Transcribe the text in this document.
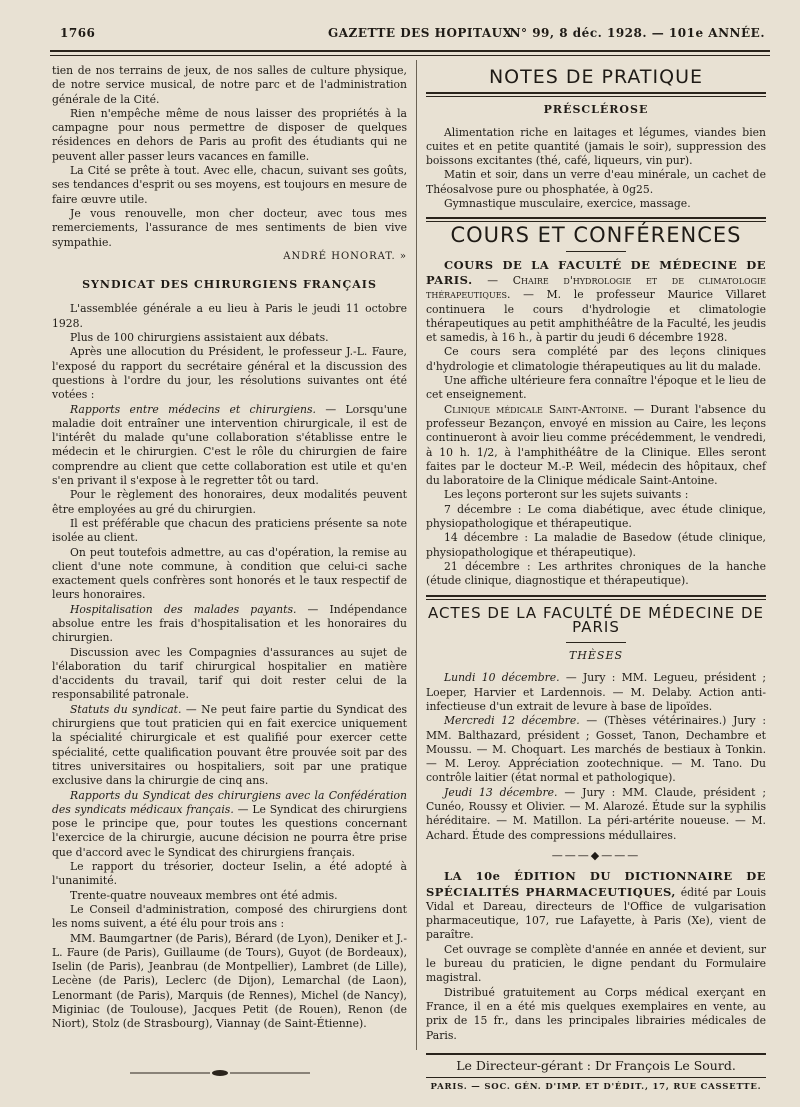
1766	GAZETTE DES HOPITAUX
N° 99, 8 déc. 1928. — 101e ANNÉE.

tien de nos terrains de jeux, de nos salles de culture physique, de notre service musical, de notre parc et de l'administration générale de la Cité.

Rien n'empêche même de nous laisser des propriétés à la campagne pour nous permettre de disposer de quelques résidences en dehors de Paris au profit des étudiants qui ne peuvent aller passer leurs vacances en famille.

La Cité se prête à tout. Avec elle, chacun, suivant ses goûts, ses tendances d'esprit ou ses moyens, est toujours en mesure de faire œuvre utile.

Je vous renouvelle, mon cher docteur, avec tous mes remerciements, l'assurance de mes sentiments de bien vive sympathie.

ANDRÉ HONORAT. »

SYNDICAT DES CHIRURGIENS FRANÇAIS

L'assemblée générale a eu lieu à Paris le jeudi 11 octobre 1928.

Plus de 100 chirurgiens assistaient aux débats.

Après une allocution du Président, le professeur J.-L. Faure, l'exposé du rapport du secrétaire général et la discussion des questions à l'ordre du jour, les résolutions suivantes ont été votées :

Rapports entre médecins et chirurgiens. — Lorsqu'une maladie doit entraîner une intervention chirurgicale, il est de l'intérêt du malade qu'une collaboration s'établisse entre le médecin et le chirurgien. C'est le rôle du chirurgien de faire comprendre au client que cette collaboration est utile et qu'en s'en privant il s'expose à le regretter tôt ou tard.

Pour le règlement des honoraires, deux modalités peuvent être employées au gré du chirurgien.

Il est préférable que chacun des praticiens présente sa note isolée au client.

On peut toutefois admettre, au cas d'opération, la remise au client d'une note commune, à condition que celui-ci sache exactement quels confrères sont honorés et le taux respectif de leurs honoraires.

Hospitalisation des malades payants. — Indépendance absolue entre les frais d'hospitalisation et les honoraires du chirurgien.

Discussion avec les Compagnies d'assurances au sujet de l'élaboration du tarif chirurgical hospitalier en matière d'accidents du travail, tarif qui doit rester celui de la responsabilité patronale.

Statuts du syndicat. — Ne peut faire partie du Syndicat des chirurgiens que tout praticien qui en fait exercice uniquement la spécialité chirurgicale et est qualifié pour exercer cette spécialité, cette qualification pouvant être prouvée soit par des titres universitaires ou hospitaliers, soit par une pratique exclusive dans la chirurgie de cinq ans.

Rapports du Syndicat des chirurgiens avec la Confédération des syndicats médicaux français. — Le Syndicat des chirurgiens pose le principe que, pour toutes les questions concernant l'exercice de la chirurgie, aucune décision ne pourra être prise que d'accord avec le Syndicat des chirurgiens français.

Le rapport du trésorier, docteur Iselin, a été adopté à l'unanimité.

Trente-quatre nouveaux membres ont été admis.

Le Conseil d'administration, composé des chirurgiens dont les noms suivent, a été élu pour trois ans :

MM. Baumgartner (de Paris), Bérard (de Lyon), Deniker et J.-L. Faure (de Paris), Guillaume (de Tours), Guyot (de Bordeaux), Iselin (de Paris), Jeanbrau (de Montpellier), Lambret (de Lille), Lecène (de Paris), Leclerc (de Dijon), Lemarchal (de Laon), Lenormant (de Paris), Marquis (de Rennes), Michel (de Nancy), Miginiac (de Toulouse), Jacques Petit (de Rouen), Renon (de Niort), Stolz (de Strasbourg), Viannay (de Saint-Étienne).

NOTES DE PRATIQUE
PRÉSCLÉROSE

Alimentation riche en laitages et légumes, viandes bien cuites et en petite quantité (jamais le soir), suppression des boissons excitantes (thé, café, liqueurs, vin pur).

Matin et soir, dans un verre d'eau minérale, un cachet de Théosalvose pure ou phosphatée, à 0g25.

Gymnastique musculaire, exercice, massage.

COURS ET CONFÉRENCES

COURS DE LA FACULTÉ DE MÉDECINE DE PARIS. — Chaire d'hydrologie et de climatologie thérapeutiques. — M. le professeur Maurice Villaret continuera le cours d'hydrologie et climatologie thérapeutiques au petit amphithéâtre de la Faculté, les jeudis et samedis, à 16 h., à partir du jeudi 6 décembre 1928.

Ce cours sera complété par des leçons cliniques d'hydrologie et climatologie thérapeutiques au lit du malade.

Une affiche ultérieure fera connaître l'époque et le lieu de cet enseignement.

Clinique médicale Saint-Antoine. — Durant l'absence du professeur Bezançon, envoyé en mission au Caire, les leçons continueront à avoir lieu comme précédemment, le vendredi, à 10 h. 1/2, à l'amphithéâtre de la Clinique. Elles seront faites par le docteur M.-P. Weil, médecin des hôpitaux, chef du laboratoire de la Clinique médicale Saint-Antoine.

Les leçons porteront sur les sujets suivants :

7 décembre : Le coma diabétique, avec étude clinique, physiopathologique et thérapeutique.

14 décembre : La maladie de Basedow (étude clinique, physiopathologique et thérapeutique).

21 décembre : Les arthrites chroniques de la hanche (étude clinique, diagnostique et thérapeutique).

ACTES DE LA FACULTÉ DE MÉDECINE DE PARIS
THÈSES

Lundi 10 décembre. — Jury : MM. Legueu, président ; Loeper, Harvier et Lardennois. — M. Delaby. Action anti-infectieuse d'un extrait de levure à base de lipoïdes.

Mercredi 12 décembre. — (Thèses vétérinaires.) Jury : MM. Balthazard, président ; Gosset, Tanon, Dechambre et Moussu. — M. Choquart. Les marchés de bestiaux à Tonkin. — M. Leroy. Appréciation zootechnique. — M. Tano. Du contrôle laitier (état normal et pathologique).

Jeudi 13 décembre. — Jury : MM. Claude, président ; Cunéo, Roussy et Olivier. — M. Alarozé. Étude sur la syphilis héréditaire. — M. Matillon. La péri-artérite noueuse. — M. Achard. Étude des compressions médullaires.

———◆———

LA 10e ÉDITION DU DICTIONNAIRE DE SPÉCIALITÉS PHARMACEUTIQUES, édité par Louis Vidal et Dareau, directeurs de l'Office de vulgarisation pharmaceutique, 107, rue Lafayette, à Paris (Xe), vient de paraître.

Cet ouvrage se complète d'année en année et devient, sur le bureau du praticien, le digne pendant du Formulaire magistral.

Distribué gratuitement au Corps médical exerçant en France, il en a été mis quelques exemplaires en vente, au prix de 15 fr., dans les principales librairies médicales de Paris.

Le Directeur-gérant : Dr François Le Sourd.
PARIS. — SOC. GÉN. D'IMP. ET D'ÉDIT., 17, RUE CASSETTE.
